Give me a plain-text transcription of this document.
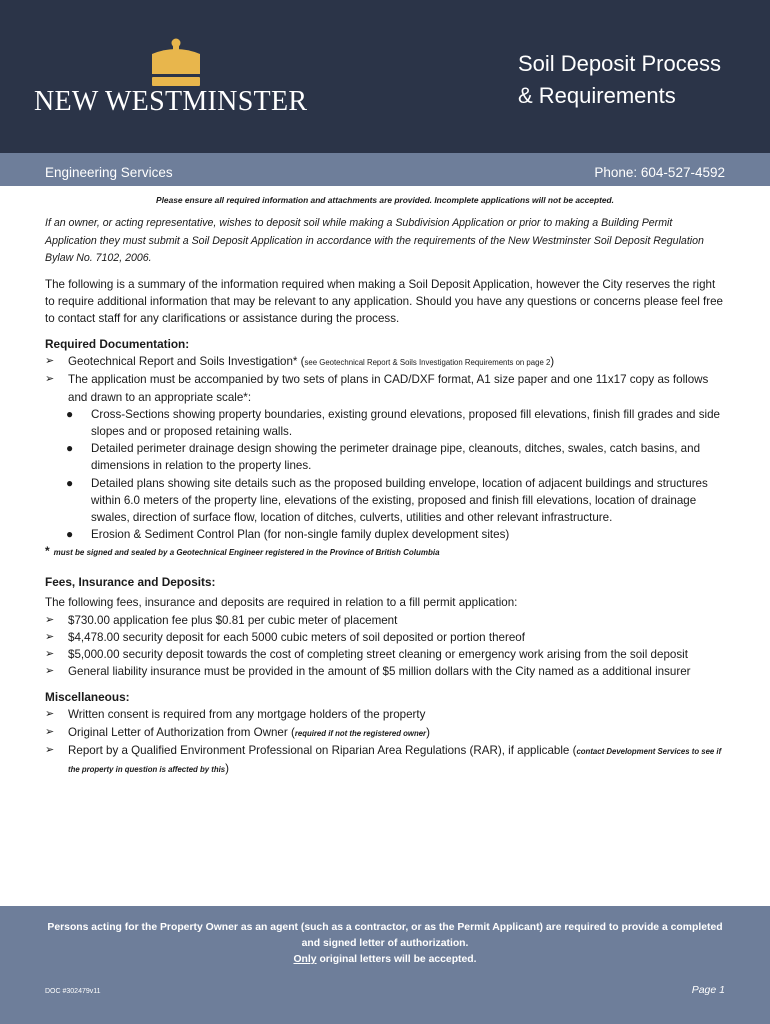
NEW WESTMINSTER
Soil Deposit Process
& Requirements
Engineering Services	Phone: 604-527-4592

Please ensure all required information and attachments are provided. Incomplete applications will not be accepted.

If an owner, or acting representative, wishes to deposit soil while making a Subdivision Application or prior to making a Building Permit Application they must submit a Soil Deposit Application in accordance with the requirements of the New Westminster Soil Deposit Regulation Bylaw No. 7102, 2006.

The following is a summary of the information required when making a Soil Deposit Application, however the City reserves the right to require additional information that may be relevant to any application. Should you have any questions or concerns please feel free to contact staff for any clarifications or assistance during the process.

Required Documentation:
➢ Geotechnical Report and Soils Investigation* (see Geotechnical Report & Soils Investigation Requirements on page 2)
➢ The application must be accompanied by two sets of plans in CAD/DXF format, A1 size paper and one 11x17 copy as follows and drawn to an appropriate scale*:
● Cross-Sections showing property boundaries, existing ground elevations, proposed fill elevations, finish fill grades and side slopes and or proposed retaining walls.
● Detailed perimeter drainage design showing the perimeter drainage pipe, cleanouts, ditches, swales, catch basins, and dimensions in relation to the property lines.
● Detailed plans showing site details such as the proposed building envelope, location of adjacent buildings and structures within 6.0 meters of the property line, elevations of the existing, proposed and finish fill elevations, location of drainage swales, direction of surface flow, location of ditches, culverts, utilities and other relevant infrastructure.
● Erosion & Sediment Control Plan (for non-single family duplex development sites)

* must be signed and sealed by a Geotechnical Engineer registered in the Province of British Columbia

Fees, Insurance and Deposits:

The following fees, insurance and deposits are required in relation to a fill permit application:

➢ $730.00 application fee plus $0.81 per cubic meter of placement
➢ $4,478.00 security deposit for each 5000 cubic meters of soil deposited or portion thereof
➢ $5,000.00 security deposit towards the cost of completing street cleaning or emergency work arising from the soil deposit
➢ General liability insurance must be provided in the amount of $5 million dollars with the City named as a additional insurer
Miscellaneous:
➢ Written consent is required from any mortgage holders of the property
➢ Original Letter of Authorization from Owner (required if not the registered owner)
➢ Report by a Qualified Environment Professional on Riparian Area Regulations (RAR), if applicable (contact Development Services to see if the property in question is affected by this)
Persons acting for the Property Owner as an agent (such as a contractor, or as the Permit Applicant) are required to provide a completed and signed letter of authorization.
Only original letters will be accepted.
DOC #302479v11	Page 1
